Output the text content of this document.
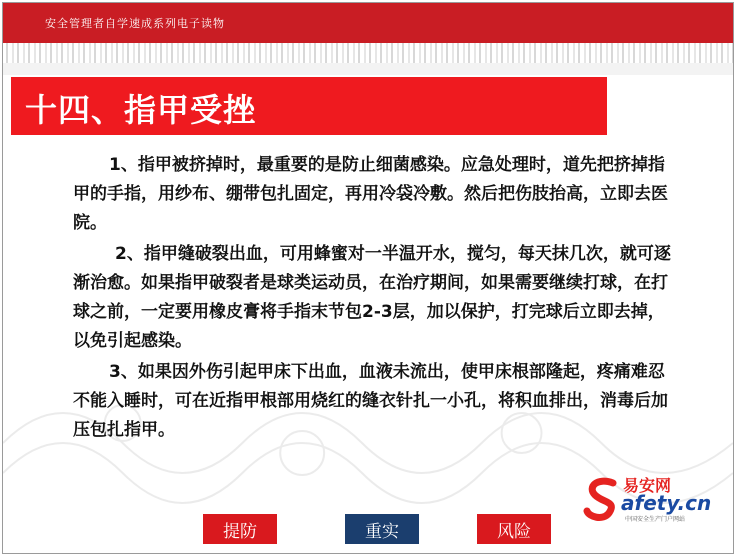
安全管理者自学速成系列电子读物
十四、指甲受挫

1、指甲被挤掉时，最重要的是防止细菌感染。应急处理时，道先把挤掉指甲的手指，用纱布、绷带包扎固定，再用冷袋冷敷。然后把伤肢抬高，立即去医院。

2、指甲缝破裂出血，可用蜂蜜对一半温开水，搅匀，每天抹几次，就可逐渐治愈。如果指甲破裂者是球类运动员，在治疗期间，如果需要继续打球，在打球之前，一定要用橡皮膏将手指末节包2-3层，加以保护，打完球后立即去掉，以免引起感染。

3、如果因外伤引起甲床下出血，血液未流出，使甲床根部隆起，疼痛难忍不能入睡时，可在近指甲根部用烧红的缝衣针扎一小孔，将积血排出，消毒后加压包扎指甲。

易安网
afety.cn
中国安全生产门户网站
提防	重实	风险
